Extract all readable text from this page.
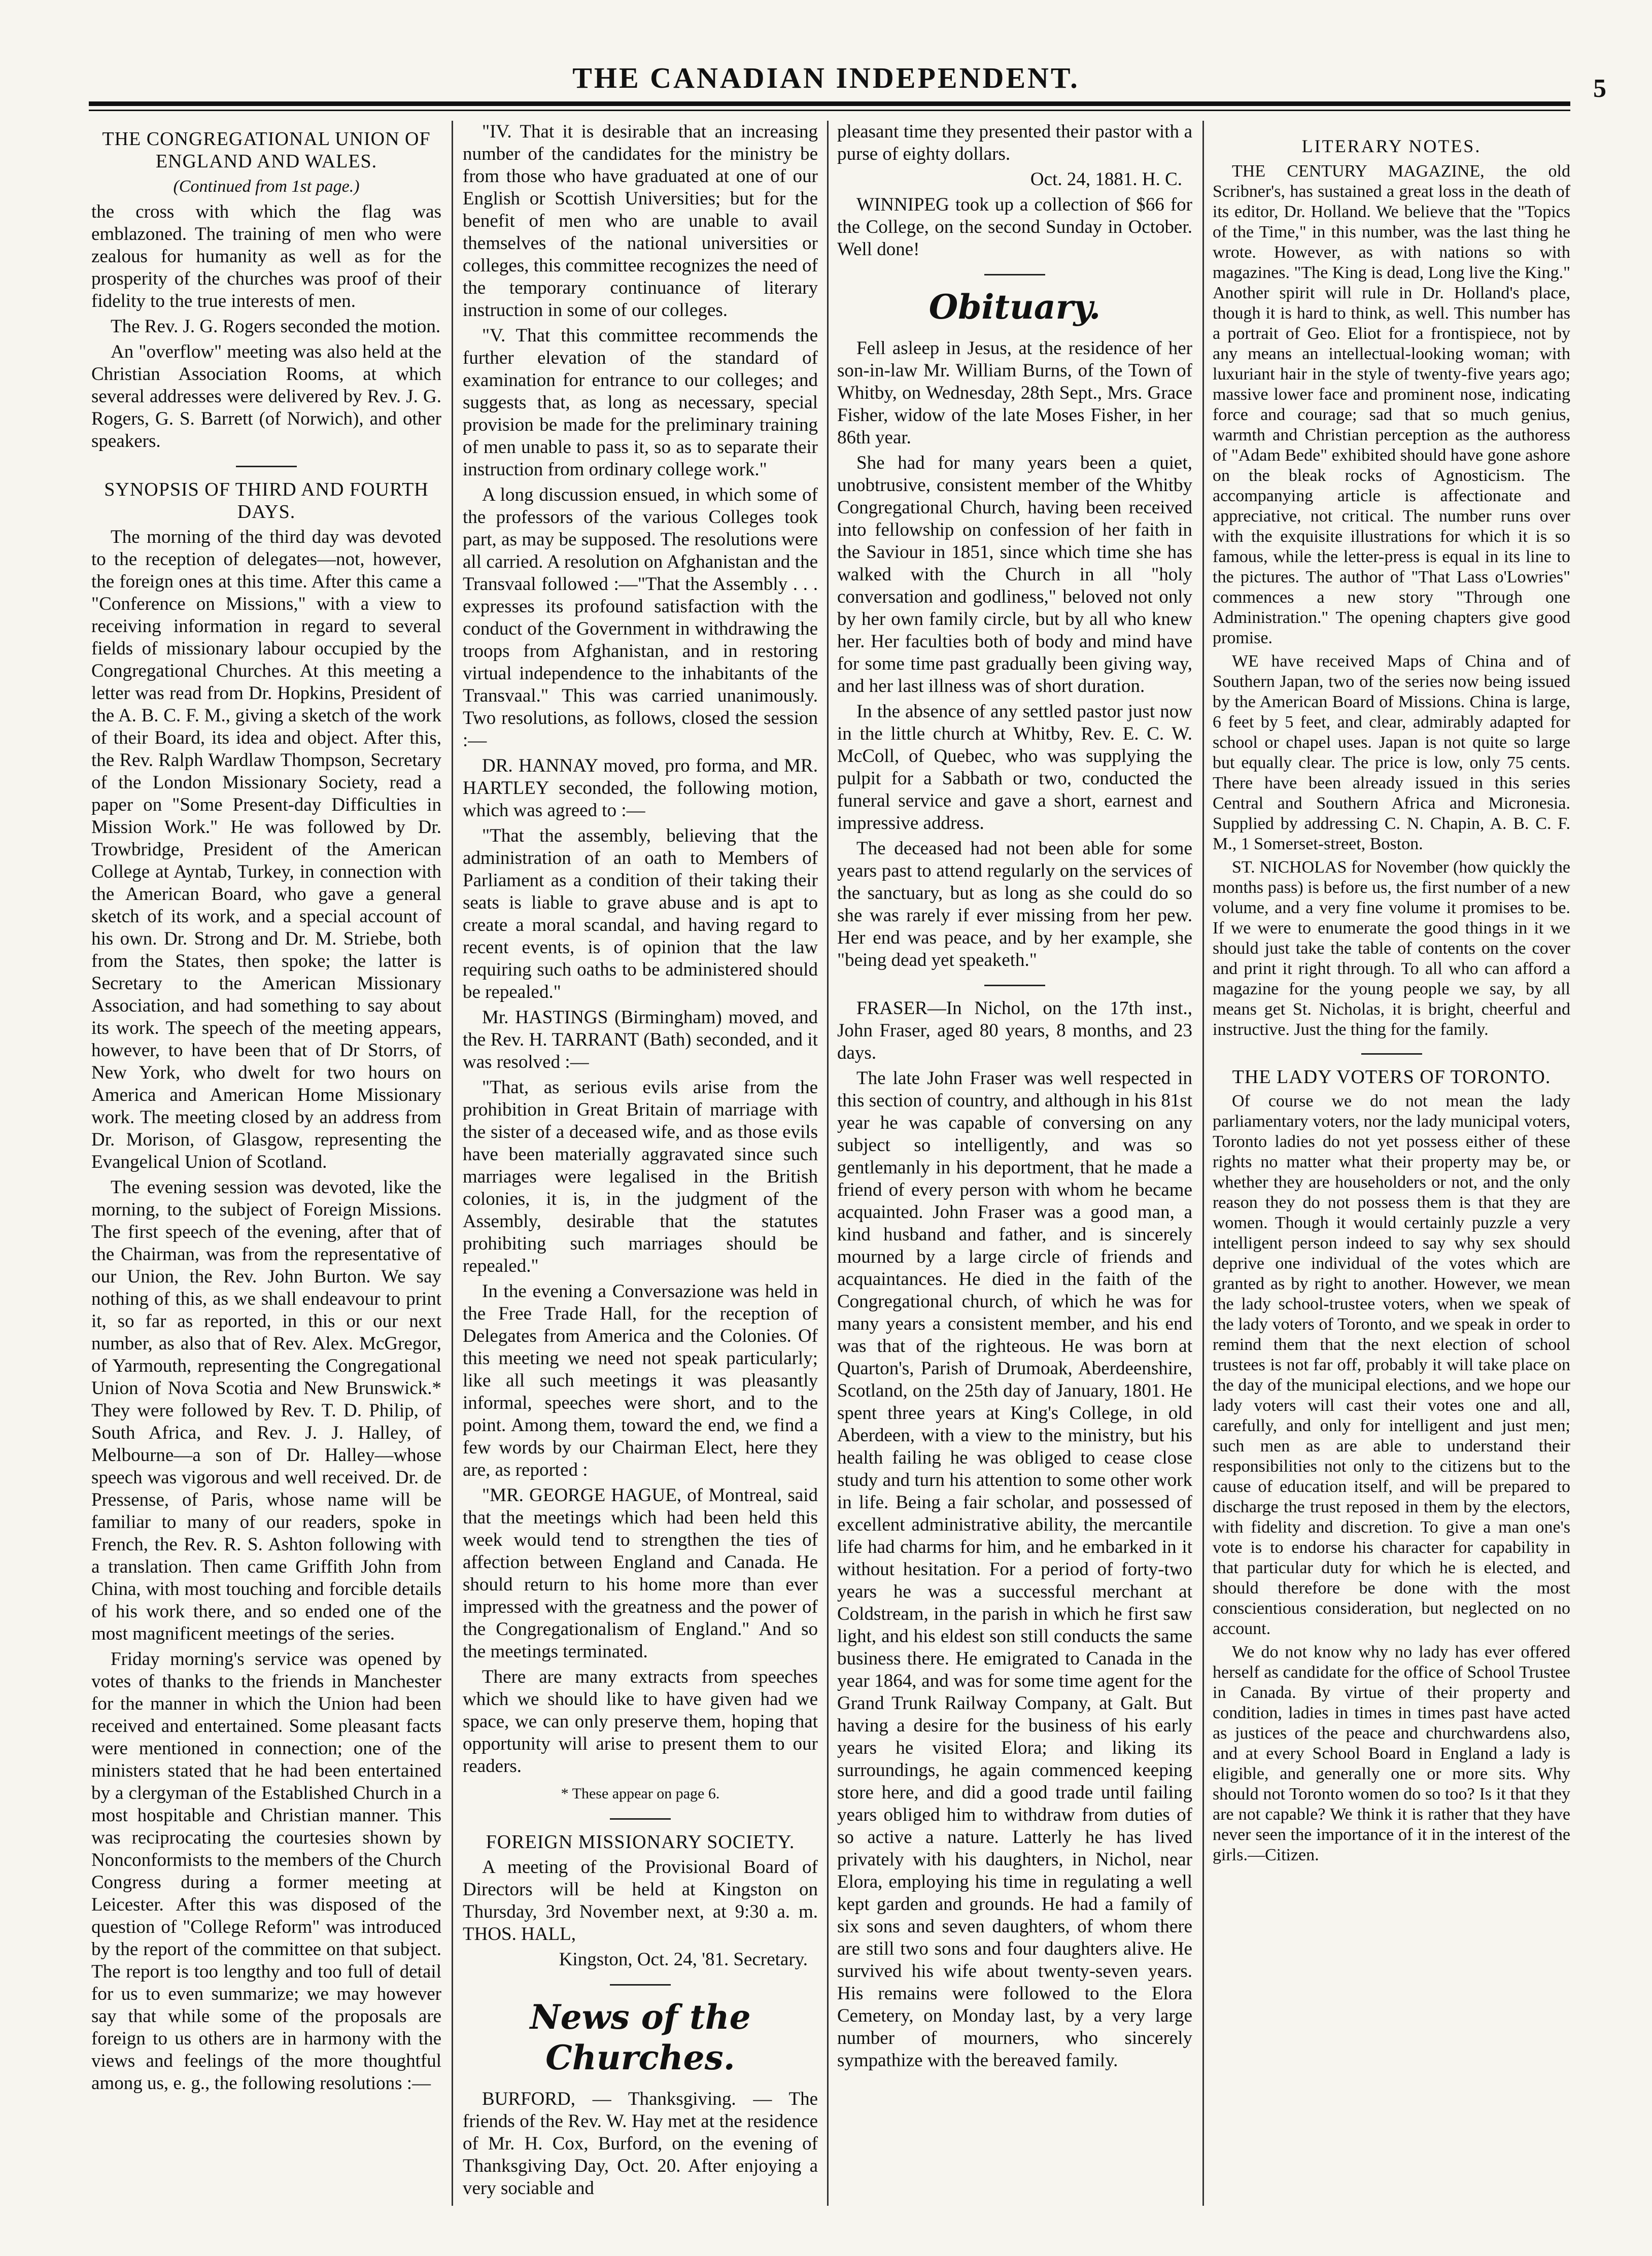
THE CANADIAN INDEPENDENT.	5
THE CONGREGATIONAL UNION OF ENGLAND AND WALES.
(Continued from 1st page.)

the cross with which the flag was emblazoned. The training of men who were zealous for humanity as well as for the prosperity of the churches was proof of their fidelity to the true interests of men.

The Rev. J. G. Rogers seconded the motion.

An "overflow" meeting was also held at the Christian Association Rooms, at which several addresses were delivered by Rev. J. G. Rogers, G. S. Barrett (of Norwich), and other speakers.

SYNOPSIS OF THIRD AND FOURTH DAYS.

The morning of the third day was devoted to the reception of delegates—not, however, the foreign ones at this time. After this came a "Conference on Missions," with a view to receiving information in regard to several fields of missionary labour occupied by the Congregational Churches. At this meeting a letter was read from Dr. Hopkins, President of the A. B. C. F. M., giving a sketch of the work of their Board, its idea and object. After this, the Rev. Ralph Wardlaw Thompson, Secretary of the London Missionary Society, read a paper on "Some Present-day Difficulties in Mission Work." He was followed by Dr. Trowbridge, President of the American College at Ayntab, Turkey, in connection with the American Board, who gave a general sketch of its work, and a special account of his own. Dr. Strong and Dr. M. Striebe, both from the States, then spoke; the latter is Secretary to the American Missionary Association, and had something to say about its work. The speech of the meeting appears, however, to have been that of Dr Storrs, of New York, who dwelt for two hours on America and American Home Missionary work. The meeting closed by an address from Dr. Morison, of Glasgow, representing the Evangelical Union of Scotland.

The evening session was devoted, like the morning, to the subject of Foreign Missions. The first speech of the evening, after that of the Chairman, was from the representative of our Union, the Rev. John Burton. We say nothing of this, as we shall endeavour to print it, so far as reported, in this or our next number, as also that of Rev. Alex. McGregor, of Yarmouth, representing the Congregational Union of Nova Scotia and New Brunswick.* They were followed by Rev. T. D. Philip, of South Africa, and Rev. J. J. Halley, of Melbourne—a son of Dr. Halley—whose speech was vigorous and well received. Dr. de Pressense, of Paris, whose name will be familiar to many of our readers, spoke in French, the Rev. R. S. Ashton following with a translation. Then came Griffith John from China, with most touching and forcible details of his work there, and so ended one of the most magnificent meetings of the series.

Friday morning's service was opened by votes of thanks to the friends in Manchester for the manner in which the Union had been received and entertained. Some pleasant facts were mentioned in connection; one of the ministers stated that he had been entertained by a clergyman of the Established Church in a most hospitable and Christian manner. This was reciprocating the courtesies shown by Nonconformists to the members of the Church Congress during a former meeting at Leicester. After this was disposed of the question of "College Reform" was introduced by the report of the committee on that subject. The report is too lengthy and too full of detail for us to even summarize; we may however say that while some of the proposals are foreign to us others are in harmony with the views and feelings of the more thoughtful among us, e. g., the following resolutions :—

"IV. That it is desirable that an increasing number of the candidates for the ministry be from those who have graduated at one of our English or Scottish Universities; but for the benefit of men who are unable to avail themselves of the national universities or colleges, this committee recognizes the need of the temporary continuance of literary instruction in some of our colleges.

"V. That this committee recommends the further elevation of the standard of examination for entrance to our colleges; and suggests that, as long as necessary, special provision be made for the preliminary training of men unable to pass it, so as to separate their instruction from ordinary college work."

A long discussion ensued, in which some of the professors of the various Colleges took part, as may be supposed. The resolutions were all carried. A resolution on Afghanistan and the Transvaal followed :—"That the Assembly . . . expresses its profound satisfaction with the conduct of the Government in withdrawing the troops from Afghanistan, and in restoring virtual independence to the inhabitants of the Transvaal." This was carried unanimously. Two resolutions, as follows, closed the session :—

DR. HANNAY moved, pro forma, and MR. HARTLEY seconded, the following motion, which was agreed to :—

"That the assembly, believing that the administration of an oath to Members of Parliament as a condition of their taking their seats is liable to grave abuse and is apt to create a moral scandal, and having regard to recent events, is of opinion that the law requiring such oaths to be administered should be repealed."

Mr. HASTINGS (Birmingham) moved, and the Rev. H. TARRANT (Bath) seconded, and it was resolved :—

"That, as serious evils arise from the prohibition in Great Britain of marriage with the sister of a deceased wife, and as those evils have been materially aggravated since such marriages were legalised in the British colonies, it is, in the judgment of the Assembly, desirable that the statutes prohibiting such marriages should be repealed."

In the evening a Conversazione was held in the Free Trade Hall, for the reception of Delegates from America and the Colonies. Of this meeting we need not speak particularly; like all such meetings it was pleasantly informal, speeches were short, and to the point. Among them, toward the end, we find a few words by our Chairman Elect, here they are, as reported :

"MR. GEORGE HAGUE, of Montreal, said that the meetings which had been held this week would tend to strengthen the ties of affection between England and Canada. He should return to his home more than ever impressed with the greatness and the power of the Congregationalism of England." And so the meetings terminated.

There are many extracts from speeches which we should like to have given had we space, we can only preserve them, hoping that opportunity will arise to present them to our readers.

* These appear on page 6.
FOREIGN MISSIONARY SOCIETY.

A meeting of the Provisional Board of Directors will be held at Kingston on Thursday, 3rd November next, at 9:30 a. m. THOS. HALL,

Kingston, Oct. 24, '81. Secretary.
News of the Churches.

BURFORD, — Thanksgiving. — The friends of the Rev. W. Hay met at the residence of Mr. H. Cox, Burford, on the evening of Thanksgiving Day, Oct. 20. After enjoying a very sociable and

pleasant time they presented their pastor with a purse of eighty dollars.

Oct. 24, 1881. H. C.

WINNIPEG took up a collection of $66 for the College, on the second Sunday in October. Well done!

Obituary.

Fell asleep in Jesus, at the residence of her son-in-law Mr. William Burns, of the Town of Whitby, on Wednesday, 28th Sept., Mrs. Grace Fisher, widow of the late Moses Fisher, in her 86th year.

She had for many years been a quiet, unobtrusive, consistent member of the Whitby Congregational Church, having been received into fellowship on confession of her faith in the Saviour in 1851, since which time she has walked with the Church in all "holy conversation and godliness," beloved not only by her own family circle, but by all who knew her. Her faculties both of body and mind have for some time past gradually been giving way, and her last illness was of short duration.

In the absence of any settled pastor just now in the little church at Whitby, Rev. E. C. W. McColl, of Quebec, who was supplying the pulpit for a Sabbath or two, conducted the funeral service and gave a short, earnest and impressive address.

The deceased had not been able for some years past to attend regularly on the services of the sanctuary, but as long as she could do so she was rarely if ever missing from her pew. Her end was peace, and by her example, she "being dead yet speaketh."

FRASER—In Nichol, on the 17th inst., John Fraser, aged 80 years, 8 months, and 23 days.

The late John Fraser was well respected in this section of country, and although in his 81st year he was capable of conversing on any subject so intelligently, and was so gentlemanly in his deportment, that he made a friend of every person with whom he became acquainted. John Fraser was a good man, a kind husband and father, and is sincerely mourned by a large circle of friends and acquaintances. He died in the faith of the Congregational church, of which he was for many years a consistent member, and his end was that of the righteous. He was born at Quarton's, Parish of Drumoak, Aberdeenshire, Scotland, on the 25th day of January, 1801. He spent three years at King's College, in old Aberdeen, with a view to the ministry, but his health failing he was obliged to cease close study and turn his attention to some other work in life. Being a fair scholar, and possessed of excellent administrative ability, the mercantile life had charms for him, and he embarked in it without hesitation. For a period of forty-two years he was a successful merchant at Coldstream, in the parish in which he first saw light, and his eldest son still conducts the same business there. He emigrated to Canada in the year 1864, and was for some time agent for the Grand Trunk Railway Company, at Galt. But having a desire for the business of his early years he visited Elora; and liking its surroundings, he again commenced keeping store here, and did a good trade until failing years obliged him to withdraw from duties of so active a nature. Latterly he has lived privately with his daughters, in Nichol, near Elora, employing his time in regulating a well kept garden and grounds. He had a family of six sons and seven daughters, of whom there are still two sons and four daughters alive. He survived his wife about twenty-seven years. His remains were followed to the Elora Cemetery, on Monday last, by a very large number of mourners, who sincerely sympathize with the bereaved family.

LITERARY NOTES.

THE CENTURY MAGAZINE, the old Scribner's, has sustained a great loss in the death of its editor, Dr. Holland. We believe that the "Topics of the Time," in this number, was the last thing he wrote. However, as with nations so with magazines. "The King is dead, Long live the King." Another spirit will rule in Dr. Holland's place, though it is hard to think, as well. This number has a portrait of Geo. Eliot for a frontispiece, not by any means an intellectual-looking woman; with luxuriant hair in the style of twenty-five years ago; massive lower face and prominent nose, indicating force and courage; sad that so much genius, warmth and Christian perception as the authoress of "Adam Bede" exhibited should have gone ashore on the bleak rocks of Agnosticism. The accompanying article is affectionate and appreciative, not critical. The number runs over with the exquisite illustrations for which it is so famous, while the letter-press is equal in its line to the pictures. The author of "That Lass o'Lowries" commences a new story "Through one Administration." The opening chapters give good promise.

WE have received Maps of China and of Southern Japan, two of the series now being issued by the American Board of Missions. China is large, 6 feet by 5 feet, and clear, admirably adapted for school or chapel uses. Japan is not quite so large but equally clear. The price is low, only 75 cents. There have been already issued in this series Central and Southern Africa and Micronesia. Supplied by addressing C. N. Chapin, A. B. C. F. M., 1 Somerset-street, Boston.

ST. NICHOLAS for November (how quickly the months pass) is before us, the first number of a new volume, and a very fine volume it promises to be. If we were to enumerate the good things in it we should just take the table of contents on the cover and print it right through. To all who can afford a magazine for the young people we say, by all means get St. Nicholas, it is bright, cheerful and instructive. Just the thing for the family.

THE LADY VOTERS OF TORONTO.

Of course we do not mean the lady parliamentary voters, nor the lady municipal voters, Toronto ladies do not yet possess either of these rights no matter what their property may be, or whether they are householders or not, and the only reason they do not possess them is that they are women. Though it would certainly puzzle a very intelligent person indeed to say why sex should deprive one individual of the votes which are granted as by right to another. However, we mean the lady school-trustee voters, when we speak of the lady voters of Toronto, and we speak in order to remind them that the next election of school trustees is not far off, probably it will take place on the day of the municipal elections, and we hope our lady voters will cast their votes one and all, carefully, and only for intelligent and just men; such men as are able to understand their responsibilities not only to the citizens but to the cause of education itself, and will be prepared to discharge the trust reposed in them by the electors, with fidelity and discretion. To give a man one's vote is to endorse his character for capability in that particular duty for which he is elected, and should therefore be done with the most conscientious consideration, but neglected on no account.

We do not know why no lady has ever offered herself as candidate for the office of School Trustee in Canada. By virtue of their property and condition, ladies in times in times past have acted as justices of the peace and churchwardens also, and at every School Board in England a lady is eligible, and generally one or more sits. Why should not Toronto women do so too? Is it that they are not capable? We think it is rather that they have never seen the importance of it in the interest of the girls.—Citizen.
